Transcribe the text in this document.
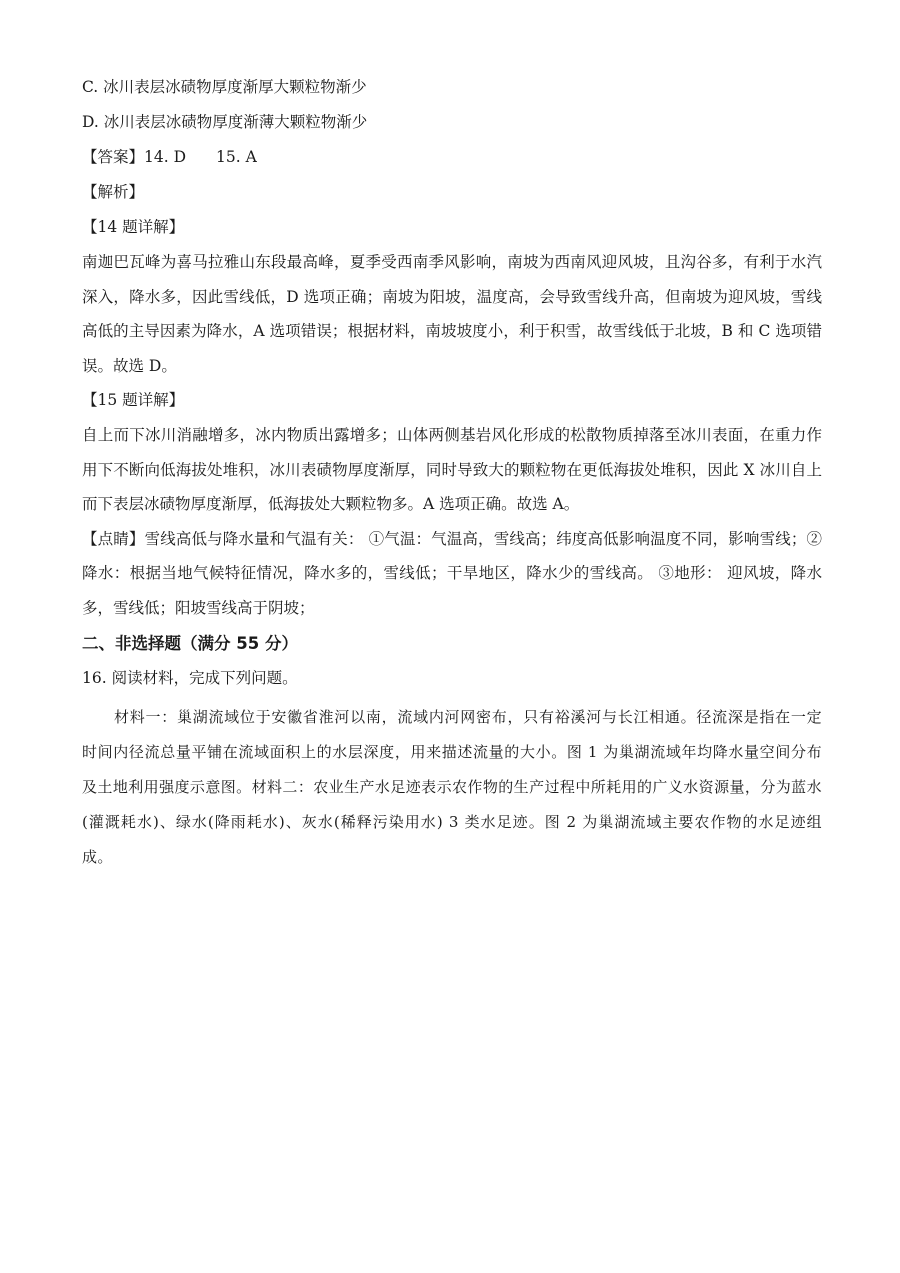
C. 冰川表层冰碛物厚度渐厚大颗粒物渐少
D. 冰川表层冰碛物厚度渐薄大颗粒物渐少
【答案】14. D 15. A
【解析】
【14 题详解】
南迦巴瓦峰为喜马拉雅山东段最高峰，夏季受西南季风影响，南坡为西南风迎风坡，且沟谷多，有利于水汽深入，降水多，因此雪线低，D 选项正确；南坡为阳坡，温度高，会导致雪线升高，但南坡为迎风坡，雪线高低的主导因素为降水，A 选项错误；根据材料，南坡坡度小，利于积雪，故雪线低于北坡，B 和 C 选项错误。故选 D。
【15 题详解】
自上而下冰川消融增多，冰内物质出露增多；山体两侧基岩风化形成的松散物质掉落至冰川表面，在重力作用下不断向低海拔处堆积，冰川表碛物厚度渐厚，同时导致大的颗粒物在更低海拔处堆积，因此 X 冰川自上而下表层冰碛物厚度渐厚，低海拔处大颗粒物多。A 选项正确。故选 A。
【点睛】雪线高低与降水量和气温有关： ①气温：气温高，雪线高；纬度高低影响温度不同，影响雪线；②降水：根据当地气候特征情况，降水多的，雪线低；干旱地区，降水少的雪线高。 ③地形： 迎风坡，降水多，雪线低；阳坡雪线高于阴坡；
二、非选择题（满分 55 分）
16. 阅读材料，完成下列问题。
材料一：巢湖流域位于安徽省淮河以南，流域内河网密布，只有裕溪河与长江相通。径流深是指在一定时间内径流总量平铺在流域面积上的水层深度，用来描述流量的大小。图 1 为巢湖流域年均降水量空间分布及土地利用强度示意图。材料二：农业生产水足迹表示农作物的生产过程中所耗用的广义水资源量，分为蓝水(灌溉耗水)、绿水(降雨耗水)、灰水(稀释污染用水) 3 类水足迹。图 2 为巢湖流域主要农作物的水足迹组成。
